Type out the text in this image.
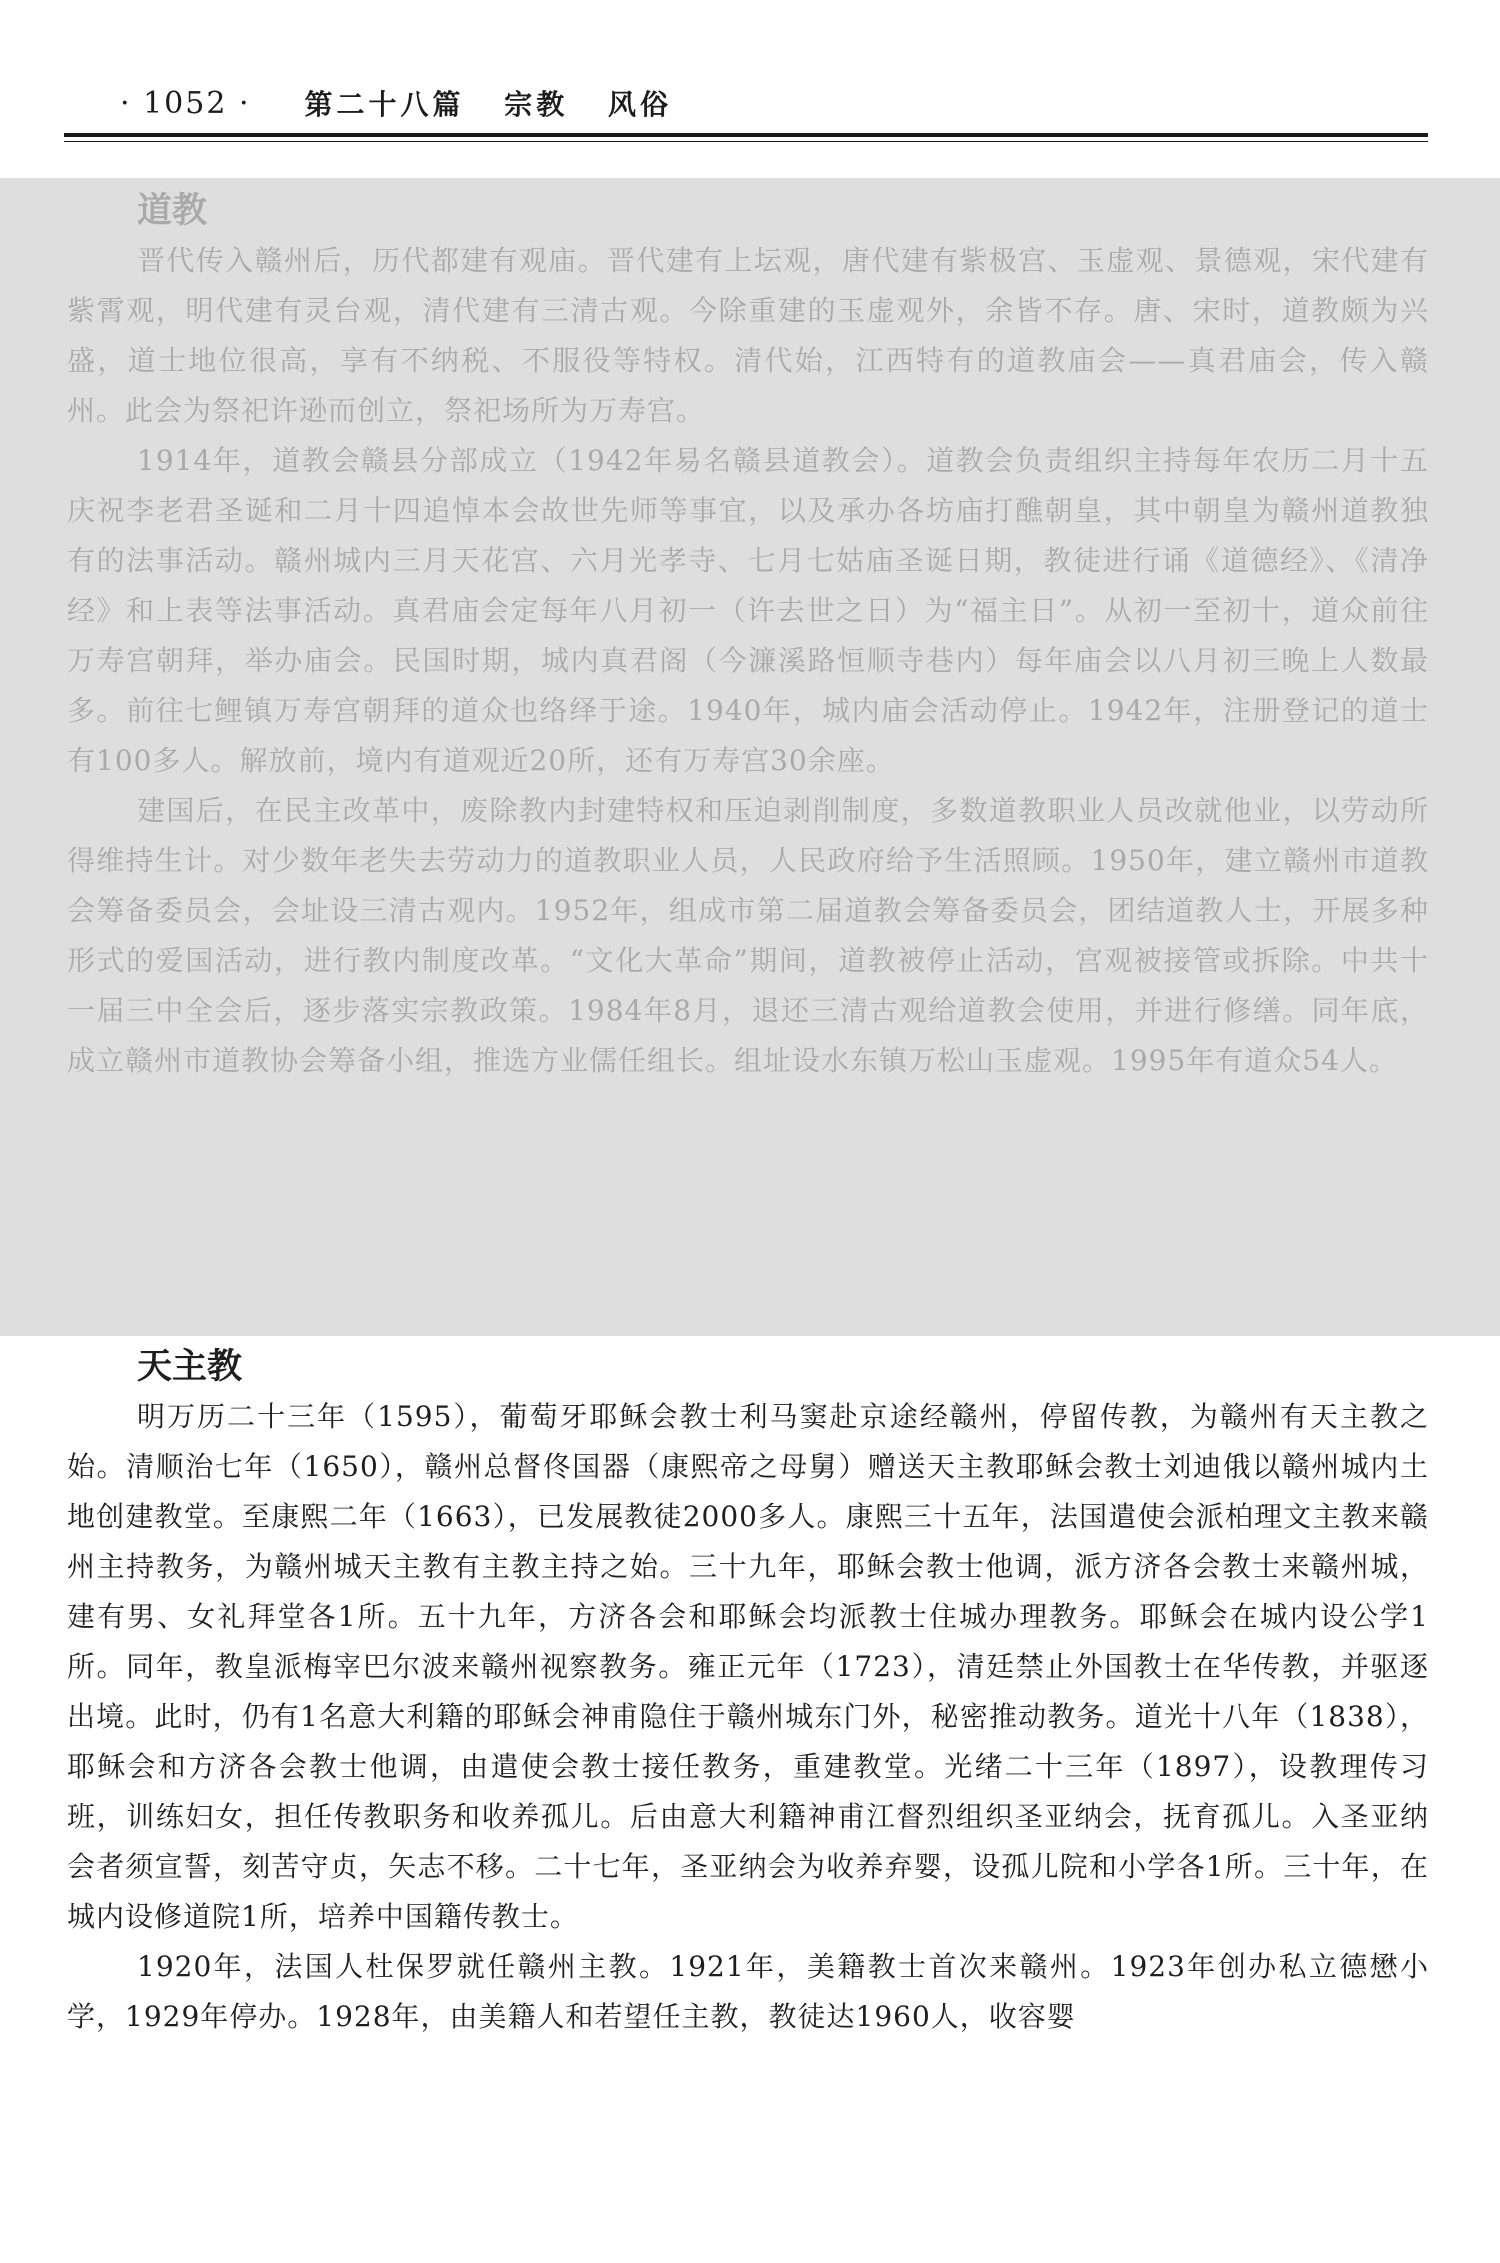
· 1052 · 第二十八篇 宗教 风俗
道教

晋代传入赣州后，历代都建有观庙。晋代建有上坛观，唐代建有紫极宫、玉虚观、景德观，宋代建有紫霄观，明代建有灵台观，清代建有三清古观。今除重建的玉虚观外，余皆不存。唐、宋时，道教颇为兴盛，道士地位很高，享有不纳税、不服役等特权。清代始，江西特有的道教庙会——真君庙会，传入赣州。此会为祭祀许逊而创立，祭祀场所为万寿宫。

1914年，道教会赣县分部成立（1942年易名赣县道教会）。道教会负责组织主持每年农历二月十五庆祝李老君圣诞和二月十四追悼本会故世先师等事宜，以及承办各坊庙打醮朝皇，其中朝皇为赣州道教独有的法事活动。赣州城内三月天花宫、六月光孝寺、七月七姑庙圣诞日期，教徒进行诵《道德经》、《清净经》和上表等法事活动。真君庙会定每年八月初一（许去世之日）为“福主日”。从初一至初十，道众前往万寿宫朝拜，举办庙会。民国时期，城内真君阁（今濂溪路恒顺寺巷内）每年庙会以八月初三晚上人数最多。前往七鲤镇万寿宫朝拜的道众也络绎于途。1940年，城内庙会活动停止。1942年，注册登记的道士有100多人。解放前，境内有道观近20所，还有万寿宫30余座。

建国后，在民主改革中，废除教内封建特权和压迫剥削制度，多数道教职业人员改就他业，以劳动所得维持生计。对少数年老失去劳动力的道教职业人员，人民政府给予生活照顾。1950年，建立赣州市道教会筹备委员会，会址设三清古观内。1952年，组成市第二届道教会筹备委员会，团结道教人士，开展多种形式的爱国活动，进行教内制度改革。“文化大革命”期间，道教被停止活动，宫观被接管或拆除。中共十一届三中全会后，逐步落实宗教政策。1984年8月，退还三清古观给道教会使用，并进行修缮。同年底，成立赣州市道教协会筹备小组，推选方业儒任组长。组址设水东镇万松山玉虚观。1995年有道众54人。

天主教

明万历二十三年（1595），葡萄牙耶稣会教士利马窦赴京途经赣州，停留传教，为赣州有天主教之始。清顺治七年（1650），赣州总督佟国器（康熙帝之母舅）赠送天主教耶稣会教士刘迪俄以赣州城内土地创建教堂。至康熙二年（1663），已发展教徒2000多人。康熙三十五年，法国遣使会派柏理文主教来赣州主持教务，为赣州城天主教有主教主持之始。三十九年，耶稣会教士他调，派方济各会教士来赣州城，建有男、女礼拜堂各1所。五十九年，方济各会和耶稣会均派教士住城办理教务。耶稣会在城内设公学1所。同年，教皇派梅宰巴尔波来赣州视察教务。雍正元年（1723），清廷禁止外国教士在华传教，并驱逐出境。此时，仍有1名意大利籍的耶稣会神甫隐住于赣州城东门外，秘密推动教务。道光十八年（1838），耶稣会和方济各会教士他调，由遣使会教士接任教务，重建教堂。光绪二十三年（1897），设教理传习班，训练妇女，担任传教职务和收养孤儿。后由意大利籍神甫江督烈组织圣亚纳会，抚育孤儿。入圣亚纳会者须宣誓，刻苦守贞，矢志不移。二十七年，圣亚纳会为收养弃婴，设孤儿院和小学各1所。三十年，在城内设修道院1所，培养中国籍传教士。

1920年，法国人杜保罗就任赣州主教。1921年，美籍教士首次来赣州。1923年创办私立德懋小学，1929年停办。1928年，由美籍人和若望任主教，教徒达1960人，收容婴
